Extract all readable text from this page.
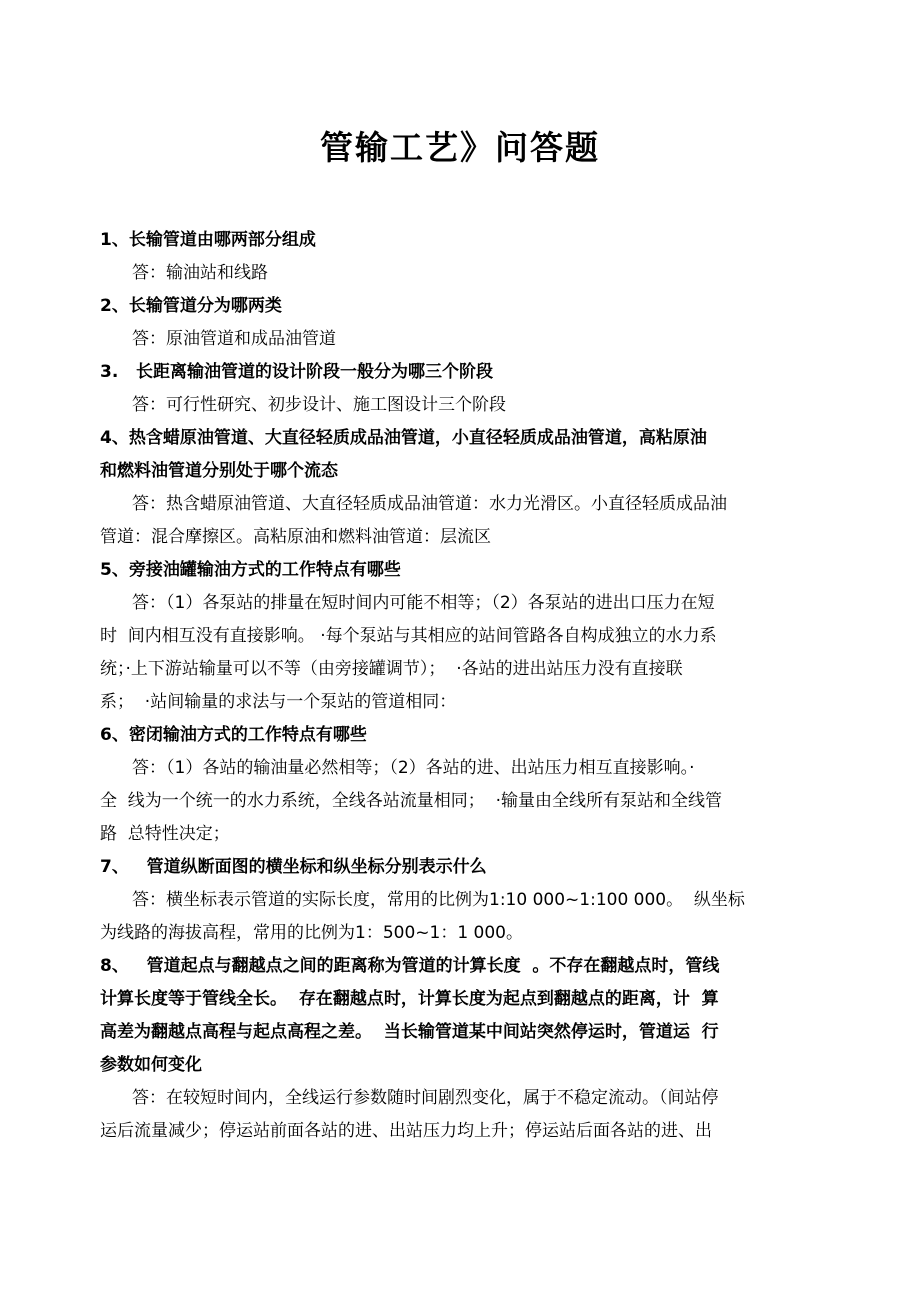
管输工艺》问答题

1、长输管道由哪两部分组成

答：输油站和线路

2、长输管道分为哪两类

答：原油管道和成品油管道

3.   长距离输油管道的设计阶段一般分为哪三个阶段

答：可行性研究、初步设计、施工图设计三个阶段

4、热含蜡原油管道、大直径轻质成品油管道，小直径轻质成品油管道，高粘原油
和燃料油管道分别处于哪个流态

答：热含蜡原油管道、大直径轻质成品油管道：水力光滑区。小直径轻质成品油
管道：混合摩擦区。高粘原油和燃料油管道：层流区

5、旁接油罐输油方式的工作特点有哪些

答：（1）各泵站的排量在短时间内可能不相等；（2）各泵站的进出口压力在短
时  间内相互没有直接影响。 ·每个泵站与其相应的站间管路各自构成独立的水力系
统；·上下游站输量可以不等（由旁接罐调节）；  ·各站的进出站压力没有直接联
系；  ·站间输量的求法与一个泵站的管道相同：

6、密闭输油方式的工作特点有哪些

答：（1）各站的输油量必然相等；（2）各站的进、出站压力相互直接影响。·
全  线为一个统一的水力系统，全线各站流量相同；  ·输量由全线所有泵站和全线管
路  总特性决定；

7、   管道纵断面图的横坐标和纵坐标分别表示什么

答：横坐标表示管道的实际长度，常用的比例为1:10 000~1:100 000。  纵坐标
为线路的海拔高程，常用的比例为1：500~1：1 000。

8、   管道起点与翻越点之间的距离称为管道的计算长度  。不存在翻越点时，管线
计算长度等于管线全长。  存在翻越点时，计算长度为起点到翻越点的距离，计  算
高差为翻越点高程与起点高程之差。  当长输管道某中间站突然停运时，管道运  行
参数如何变化

答：在较短时间内，全线运行参数随时间剧烈变化，属于不稳定流动。（间站停
运后流量减少；停运站前面各站的进、出站压力均上升；停运站后面各站的进、出
